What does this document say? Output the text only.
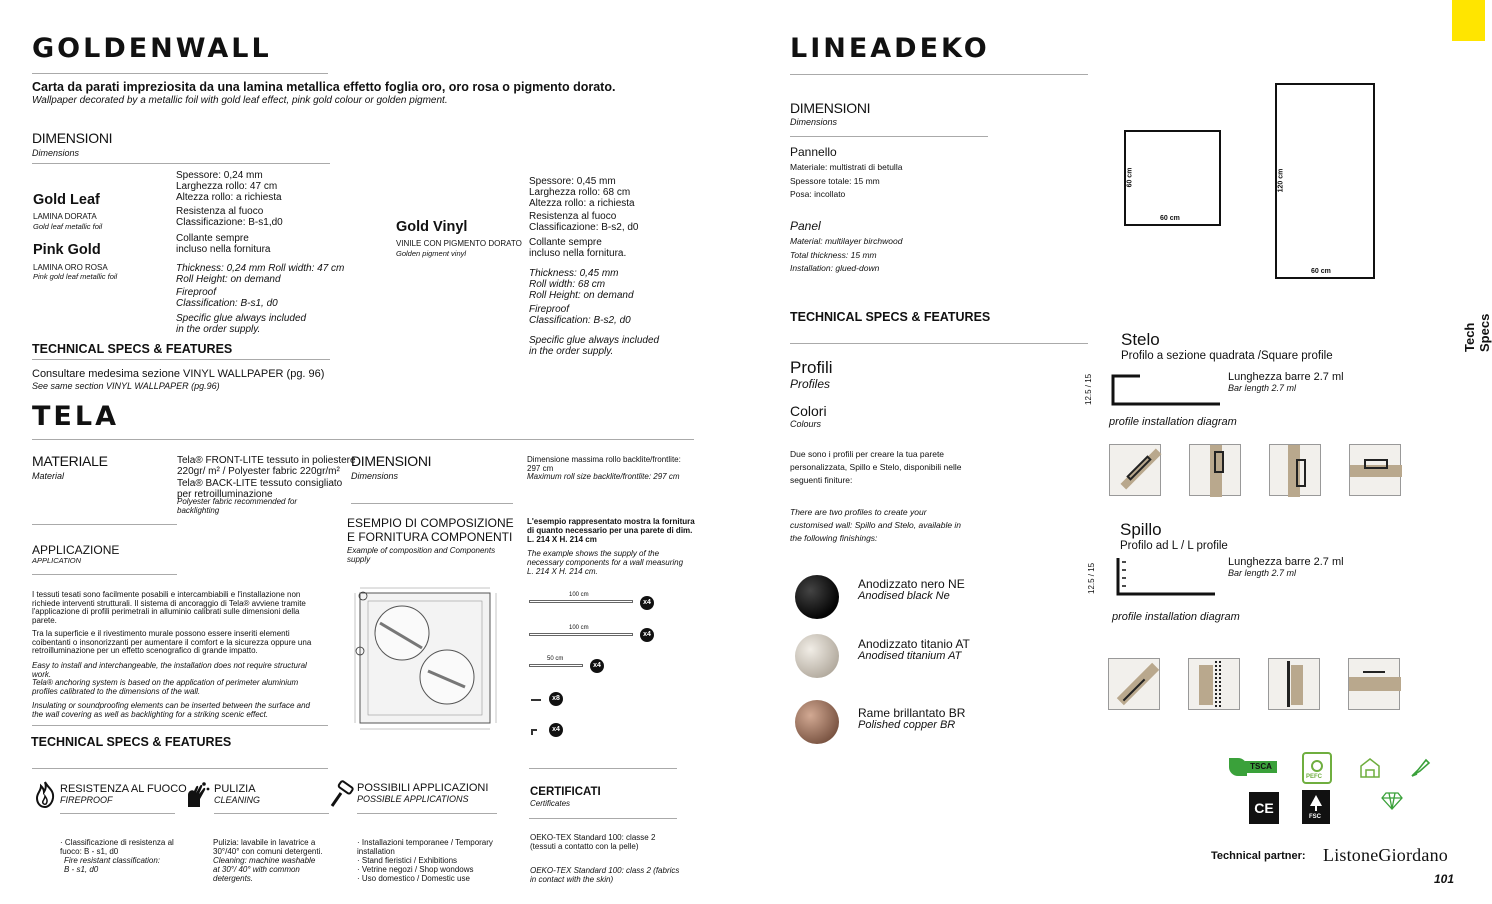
GOLDENWALL
Carta da parati impreziosita da una lamina metallica effetto foglia oro, oro rosa o pigmento dorato.
Wallpaper decorated by a metallic foil with gold leaf effect, pink gold colour or golden pigment.
DIMENSIONI
Dimensions
Gold Leaf
LAMINA DORATA
Gold leaf metallic foil
Pink Gold
LAMINA ORO ROSA
Pink gold leaf metallic foil
Spessore: 0,24 mm
Larghezza rollo: 47 cm
Altezza rollo: a richiesta
Resistenza al fuoco
Classificazione: B-s1,d0
Collante sempre
incluso nella fornitura
Thickness: 0,24 mm Roll width: 47 cm
Roll Height: on demand
Fireproof
Classification: B-s1, d0
Specific glue always included
in the order supply.
Gold Vinyl
VINILE CON PIGMENTO DORATO
Golden pigment vinyl
Spessore: 0,45 mm
Larghezza rollo: 68 cm
Altezza rollo: a richiesta
Resistenza al fuoco
Classificazione: B-s2, d0
Collante sempre
incluso nella fornitura.
Thickness: 0,45 mm
Roll width: 68 cm
Roll Height: on demand
Fireproof
Classification: B-s2, d0
Specific glue always included
in the order supply.
TECHNICAL SPECS & FEATURES
Consultare medesima sezione VINYL WALLPAPER (pg. 96)
See same section VINYL WALLPAPER (pg.96)
TELA
MATERIALE
Material
Tela® FRONT-LITE tessuto in poliestere
220gr/ m² / Polyester fabric 220gr/m²
Tela® BACK-LITE tessuto consigliato
per retroilluminazione
Polyester fabric recommended for
backlighting
DIMENSIONI
Dimensions
Dimensione massima rollo backlite/frontlite:
297 cm
Maximum roll size backlite/frontlite: 297 cm
APPLICAZIONE
APPLICATION
I tessuti tesati sono facilmente posabili e intercambiabili e l'installazione non
richiede interventi strutturali. Il sistema di ancoraggio di Tela® avviene tramite
l'applicazione di profili perimetrali in alluminio calibrati sulle dimensioni della
parete.
Tra la superficie e il rivestimento murale possono essere inseriti elementi
coibentanti o insonorizzanti per aumentare il comfort e la sicurezza oppure una
retroilluminazione per un effetto scenografico di grande impatto.
Easy to install and interchangeable, the installation does not require structural
work.
Tela® anchoring system is based on the application of perimeter aluminium
profiles calibrated to the dimensions of the wall.
Insulating or soundproofing elements can be inserted between the surface and
the wall covering as well as backlighting for a striking scenic effect.
ESEMPIO DI COMPOSIZIONE
E FORNITURA COMPONENTI
Example of composition and Components
supply
L'esempio rappresentato mostra la fornitura
di quanto necessario per una parete di dim.
L. 214 X H. 214 cm
The example shows the supply of the
necessary components for a wall measuring
L. 214 X H. 214 cm.
100 cm
x4
100 cm
x4
50 cm
x4
x8
x4
TECHNICAL SPECS & FEATURES
RESISTENZA AL FUOCO
FIREPROOF
PULIZIA
CLEANING
POSSIBILI APPLICAZIONI
POSSIBLE APPLICATIONS
CERTIFICATI
Certificates
· Classificazione di resistenza al
fuoco: B - s1, d0
Fire resistant classification:
B - s1, d0
Pulizia: lavabile in lavatrice a
30°/40° con comuni detergenti.
Cleaning: machine washable
at 30°/ 40° with common
detergents.
· Installazioni temporanee / Temporary
installation
· Stand fieristici / Exhibitions
· Vetrine negozi / Shop wondows
· Uso domestico / Domestic use
OEKO-TEX Standard 100: classe 2
(tessuti a contatto con la pelle)
OEKO-TEX Standard 100: class 2 (fabrics
in contact with the skin)
LINEADEKO
DIMENSIONI
Dimensions
Pannello
Materiale: multistrati di betulla
Spessore totale: 15 mm
Posa: incollato
Panel
Material: multilayer birchwood
Total thickness: 15 mm
Installation: glued-down
60 cm
60 cm
60 cm
120 cm
TECHNICAL SPECS & FEATURES
Profili
Profiles
Colori
Colours
Due sono i profili per creare la tua parete
personalizzata, Spillo e Stelo, disponibili nelle
seguenti finiture:
There are two profiles to create your
customised wall: Spillo and Stelo, available in
the following finishings:
Anodizzato nero NE
Anodised black Ne
Anodizzato titanio AT
Anodised titanium AT
Rame brillantato BR
Polished copper BR
Stelo
Profilo a sezione quadrata /Square profile
12.5 / 15	Lunghezza barre 2.7 ml
Bar length 2.7 ml
profile installation diagram
Spillo
Profilo ad L / L profile
12.5 / 15
Lunghezza barre 2.7 ml
Bar length 2.7 ml
profile installation diagram
Tech Specs
TSCA
PEFC
CE
FSC
Technical partner: ListoneGiordano
101
